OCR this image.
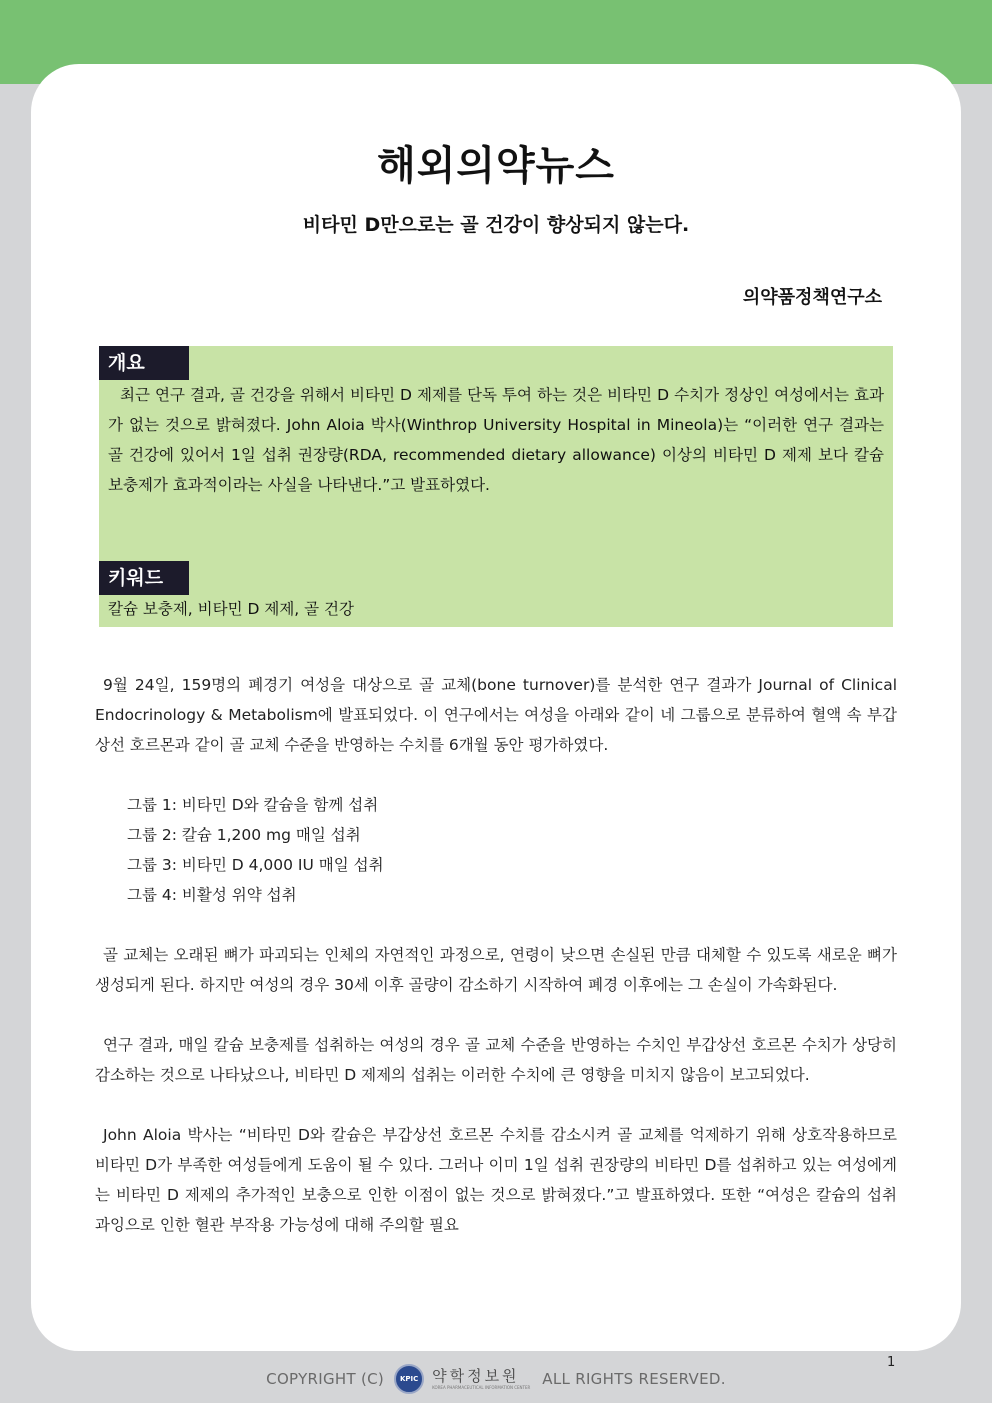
해외의약뉴스
비타민 D만으로는 골 건강이 향상되지 않는다.
의약품정책연구소
개요

최근 연구 결과, 골 건강을 위해서 비타민 D 제제를 단독 투여 하는 것은 비타민 D 수치가 정상인 여성에서는 효과가 없는 것으로 밝혀졌다. John Aloia 박사(Winthrop University Hospital in Mineola)는 “이러한 연구 결과는 골 건강에 있어서 1일 섭취 권장량(RDA, recommended dietary allowance) 이상의 비타민 D 제제 보다 칼슘 보충제가 효과적이라는 사실을 나타낸다.”고 발표하였다.

키워드
칼슘 보충제, 비타민 D 제제, 골 건강

9월 24일, 159명의 폐경기 여성을 대상으로 골 교체(bone turnover)를 분석한 연구 결과가 Journal of Clinical Endocrinology & Metabolism에 발표되었다. 이 연구에서는 여성을 아래와 같이 네 그룹으로 분류하여 혈액 속 부갑상선 호르몬과 같이 골 교체 수준을 반영하는 수치를 6개월 동안 평가하였다.

그룹 1: 비타민 D와 칼슘을 함께 섭취
그룹 2: 칼슘 1,200 mg 매일 섭취
그룹 3: 비타민 D 4,000 IU 매일 섭취
그룹 4: 비활성 위약 섭취

골 교체는 오래된 뼈가 파괴되는 인체의 자연적인 과정으로, 연령이 낮으면 손실된 만큼 대체할 수 있도록 새로운 뼈가 생성되게 된다. 하지만 여성의 경우 30세 이후 골량이 감소하기 시작하여 폐경 이후에는 그 손실이 가속화된다.

연구 결과, 매일 칼슘 보충제를 섭취하는 여성의 경우 골 교체 수준을 반영하는 수치인 부갑상선 호르몬 수치가 상당히 감소하는 것으로 나타났으나, 비타민 D 제제의 섭취는 이러한 수치에 큰 영향을 미치지 않음이 보고되었다.

John Aloia 박사는 “비타민 D와 칼슘은 부갑상선 호르몬 수치를 감소시켜 골 교체를 억제하기 위해 상호작용하므로 비타민 D가 부족한 여성들에게 도움이 될 수 있다. 그러나 이미 1일 섭취 권장량의 비타민 D를 섭취하고 있는 여성에게는 비타민 D 제제의 추가적인 보충으로 인한 이점이 없는 것으로 밝혀졌다.”고 발표하였다. 또한 “여성은 칼슘의 섭취 과잉으로 인한 혈관 부작용 가능성에 대해 주의할 필요

1
COPYRIGHT (C) KPIC 약학정보원
KOREA PHARMACEUTICAL INFORMATION CENTER ALL RIGHTS RESERVED.
